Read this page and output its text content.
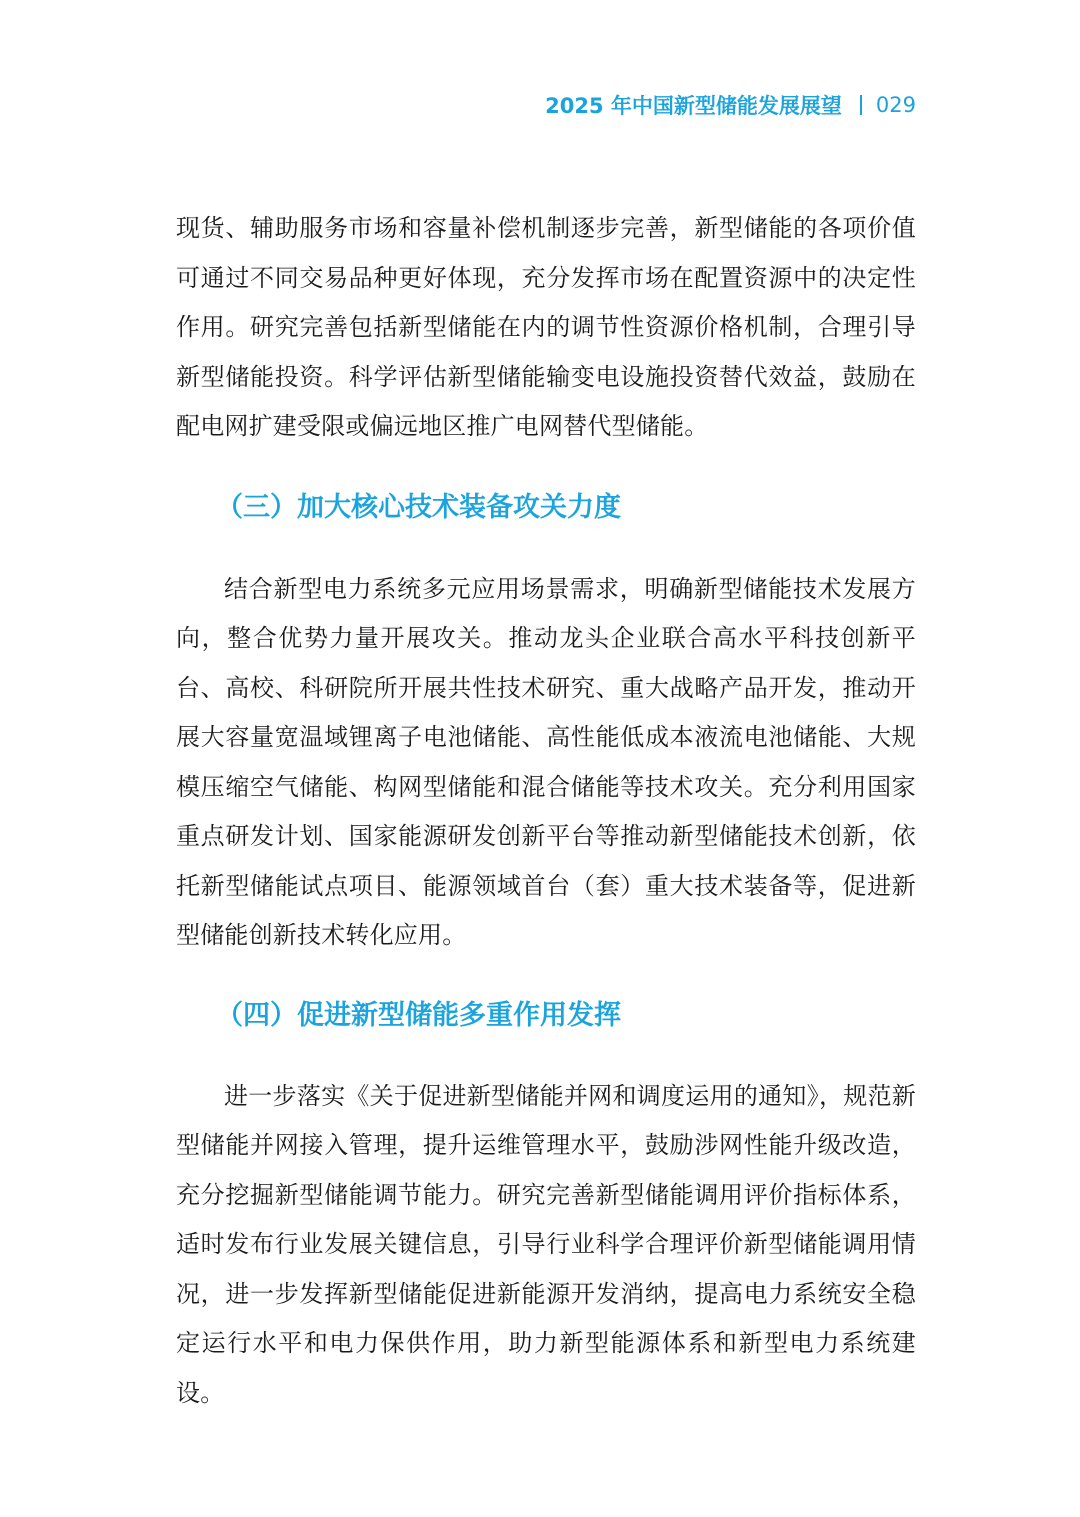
2025 年中国新型储能发展展望 029

现货、辅助服务市场和容量补偿机制逐步完善，新型储能的各项价值可通过不同交易品种更好体现，充分发挥市场在配置资源中的决定性作用。研究完善包括新型储能在内的调节性资源价格机制，合理引导新型储能投资。科学评估新型储能输变电设施投资替代效益，鼓励在配电网扩建受限或偏远地区推广电网替代型储能。

（三）加大核心技术装备攻关力度

结合新型电力系统多元应用场景需求，明确新型储能技术发展方向，整合优势力量开展攻关。推动龙头企业联合高水平科技创新平台、高校、科研院所开展共性技术研究、重大战略产品开发，推动开展大容量宽温域锂离子电池储能、高性能低成本液流电池储能、大规模压缩空气储能、构网型储能和混合储能等技术攻关。充分利用国家重点研发计划、国家能源研发创新平台等推动新型储能技术创新，依托新型储能试点项目、能源领域首台（套）重大技术装备等，促进新型储能创新技术转化应用。

（四）促进新型储能多重作用发挥

进一步落实《关于促进新型储能并网和调度运用的通知》，规范新型储能并网接入管理，提升运维管理水平，鼓励涉网性能升级改造，充分挖掘新型储能调节能力。研究完善新型储能调用评价指标体系，适时发布行业发展关键信息，引导行业科学合理评价新型储能调用情况，进一步发挥新型储能促进新能源开发消纳，提高电力系统安全稳定运行水平和电力保供作用，助力新型能源体系和新型电力系统建设。
